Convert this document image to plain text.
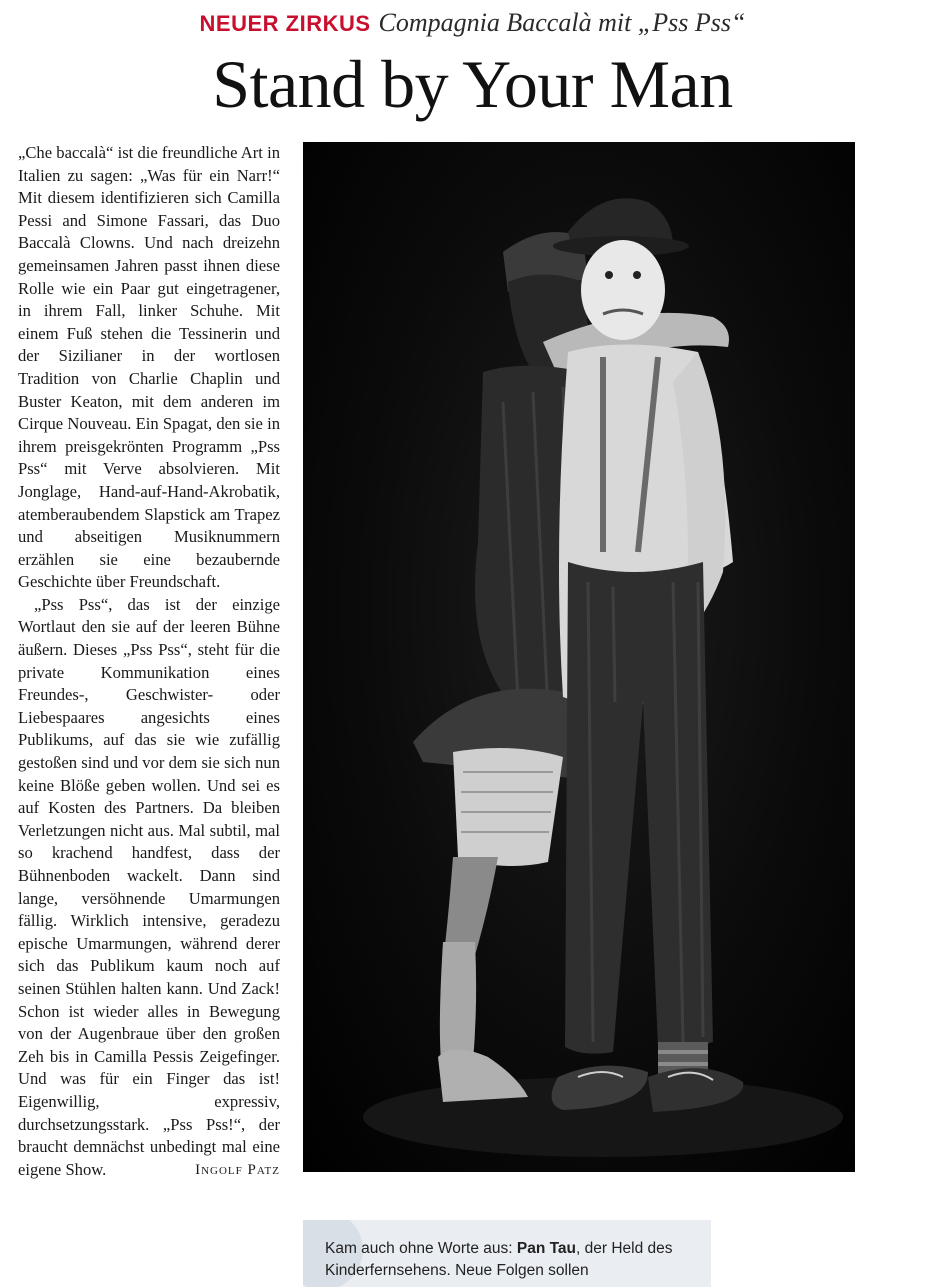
NEUER ZIRKUS Compagnia Baccalà mit „Pss Pss“
Stand by Your Man

„Che baccalà“ ist die freundliche Art in Italien zu sagen: „Was für ein Narr!“ Mit diesem identifizieren sich Camilla Pessi and Simone Fassari, das Duo Baccalà Clowns. Und nach dreizehn gemeinsamen Jahren passt ihnen diese Rolle wie ein Paar gut eingetragener, in ihrem Fall, linker Schuhe. Mit einem Fuß stehen die Tessinerin und der Sizilianer in der wortlosen Tradition von Charlie Chaplin und Buster Keaton, mit dem anderen im Cirque Nouveau. Ein Spagat, den sie in ihrem preisgekrönten Programm „Pss Pss“ mit Verve absolvieren. Mit Jonglage, Hand-auf-Hand-Akrobatik, atemberaubendem Slapstick am Trapez und abseitigen Musiknummern erzählen sie eine bezaubernde Geschichte über Freundschaft.

„Pss Pss“, das ist der einzige Wortlaut den sie auf der leeren Bühne äußern. Dieses „Pss Pss“, steht für die private Kommunikation eines Freundes-, Geschwister- oder Liebespaares angesichts eines Publikums, auf das sie wie zufällig gestoßen sind und vor dem sie sich nun keine Blöße geben wollen. Und sei es auf Kosten des Partners. Da bleiben Verletzungen nicht aus. Mal subtil, mal so krachend handfest, dass der Bühnenboden wackelt. Dann sind lange, versöhnende Umarmungen fällig. Wirklich intensive, geradezu epische Umarmungen, während derer sich das Publikum kaum noch auf seinen Stühlen halten kann. Und Zack! Schon ist wieder alles in Bewegung von der Augenbraue über den großen Zeh bis in Camilla Pessis Zeigefinger. Und was für ein Finger das ist! Eigenwillig, expressiv, durchsetzungsstark. „Pss Pss!“, der braucht demnächst unbedingt mal eine eigene Show.	Ingolf Patz

Kam auch ohne Worte aus: Pan Tau, der Held des Kinderfernsehens. Neue Folgen sollen
